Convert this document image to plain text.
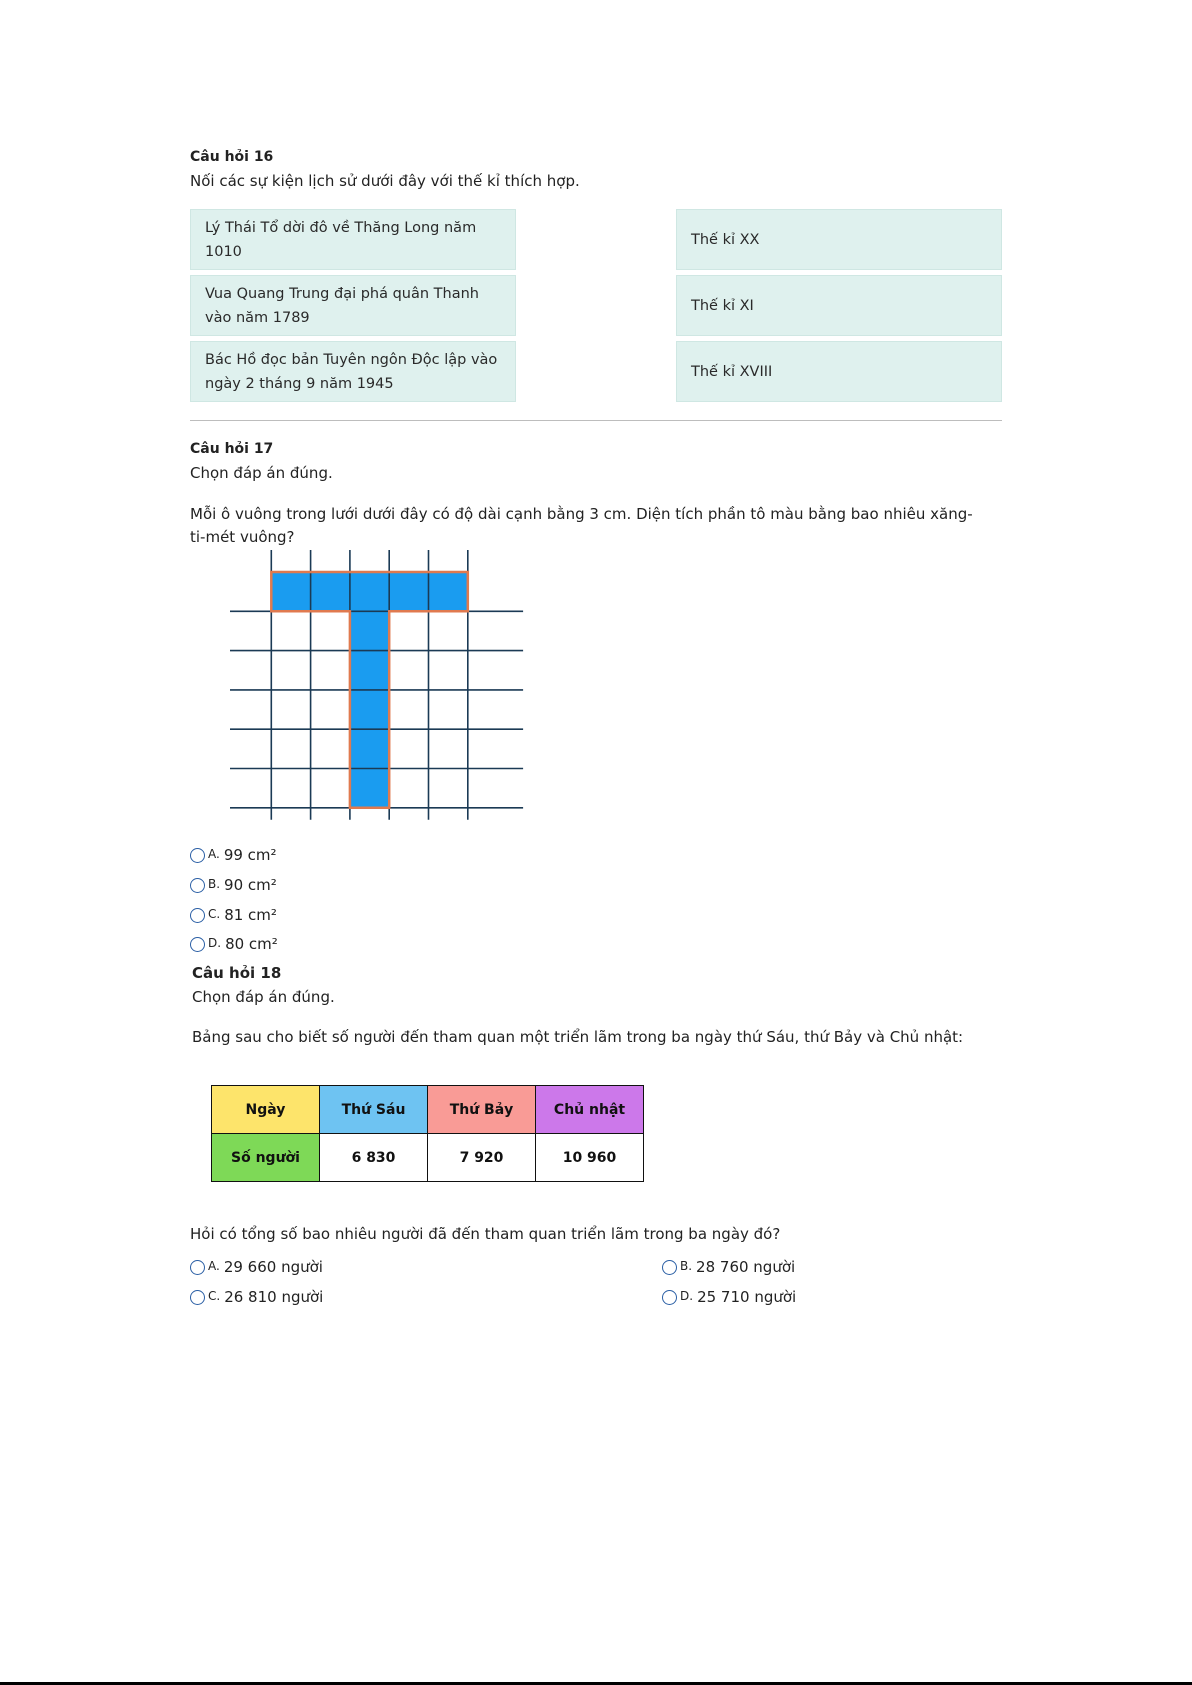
Câu hỏi 16
Nối các sự kiện lịch sử dưới đây với thế kỉ thích hợp.
Lý Thái Tổ dời đô về Thăng Long năm 1010
Vua Quang Trung đại phá quân Thanh vào năm 1789
Bác Hồ đọc bản Tuyên ngôn Độc lập vào ngày 2 tháng 9 năm 1945
Thế kỉ XX
Thế kỉ XI
Thế kỉ XVIII
Câu hỏi 17
Chọn đáp án đúng.
Mỗi ô vuông trong lưới dưới đây có độ dài cạnh bằng 3 cm. Diện tích phần tô màu bằng bao nhiêu xăng-ti-mét vuông?
A. 99 cm²
B. 90 cm²
C. 81 cm²
D. 80 cm²
Câu hỏi 18
Chọn đáp án đúng.
Bảng sau cho biết số người đến tham quan một triển lãm trong ba ngày thứ Sáu, thứ Bảy và Chủ nhật:
Ngày	Thứ Sáu	Thứ Bảy	Chủ nhật
Số người	6 830	7 920	10 960
Hỏi có tổng số bao nhiêu người đã đến tham quan triển lãm trong ba ngày đó?
A. 29 660 người	B. 28 760 người
C. 26 810 người	D. 25 710 người
